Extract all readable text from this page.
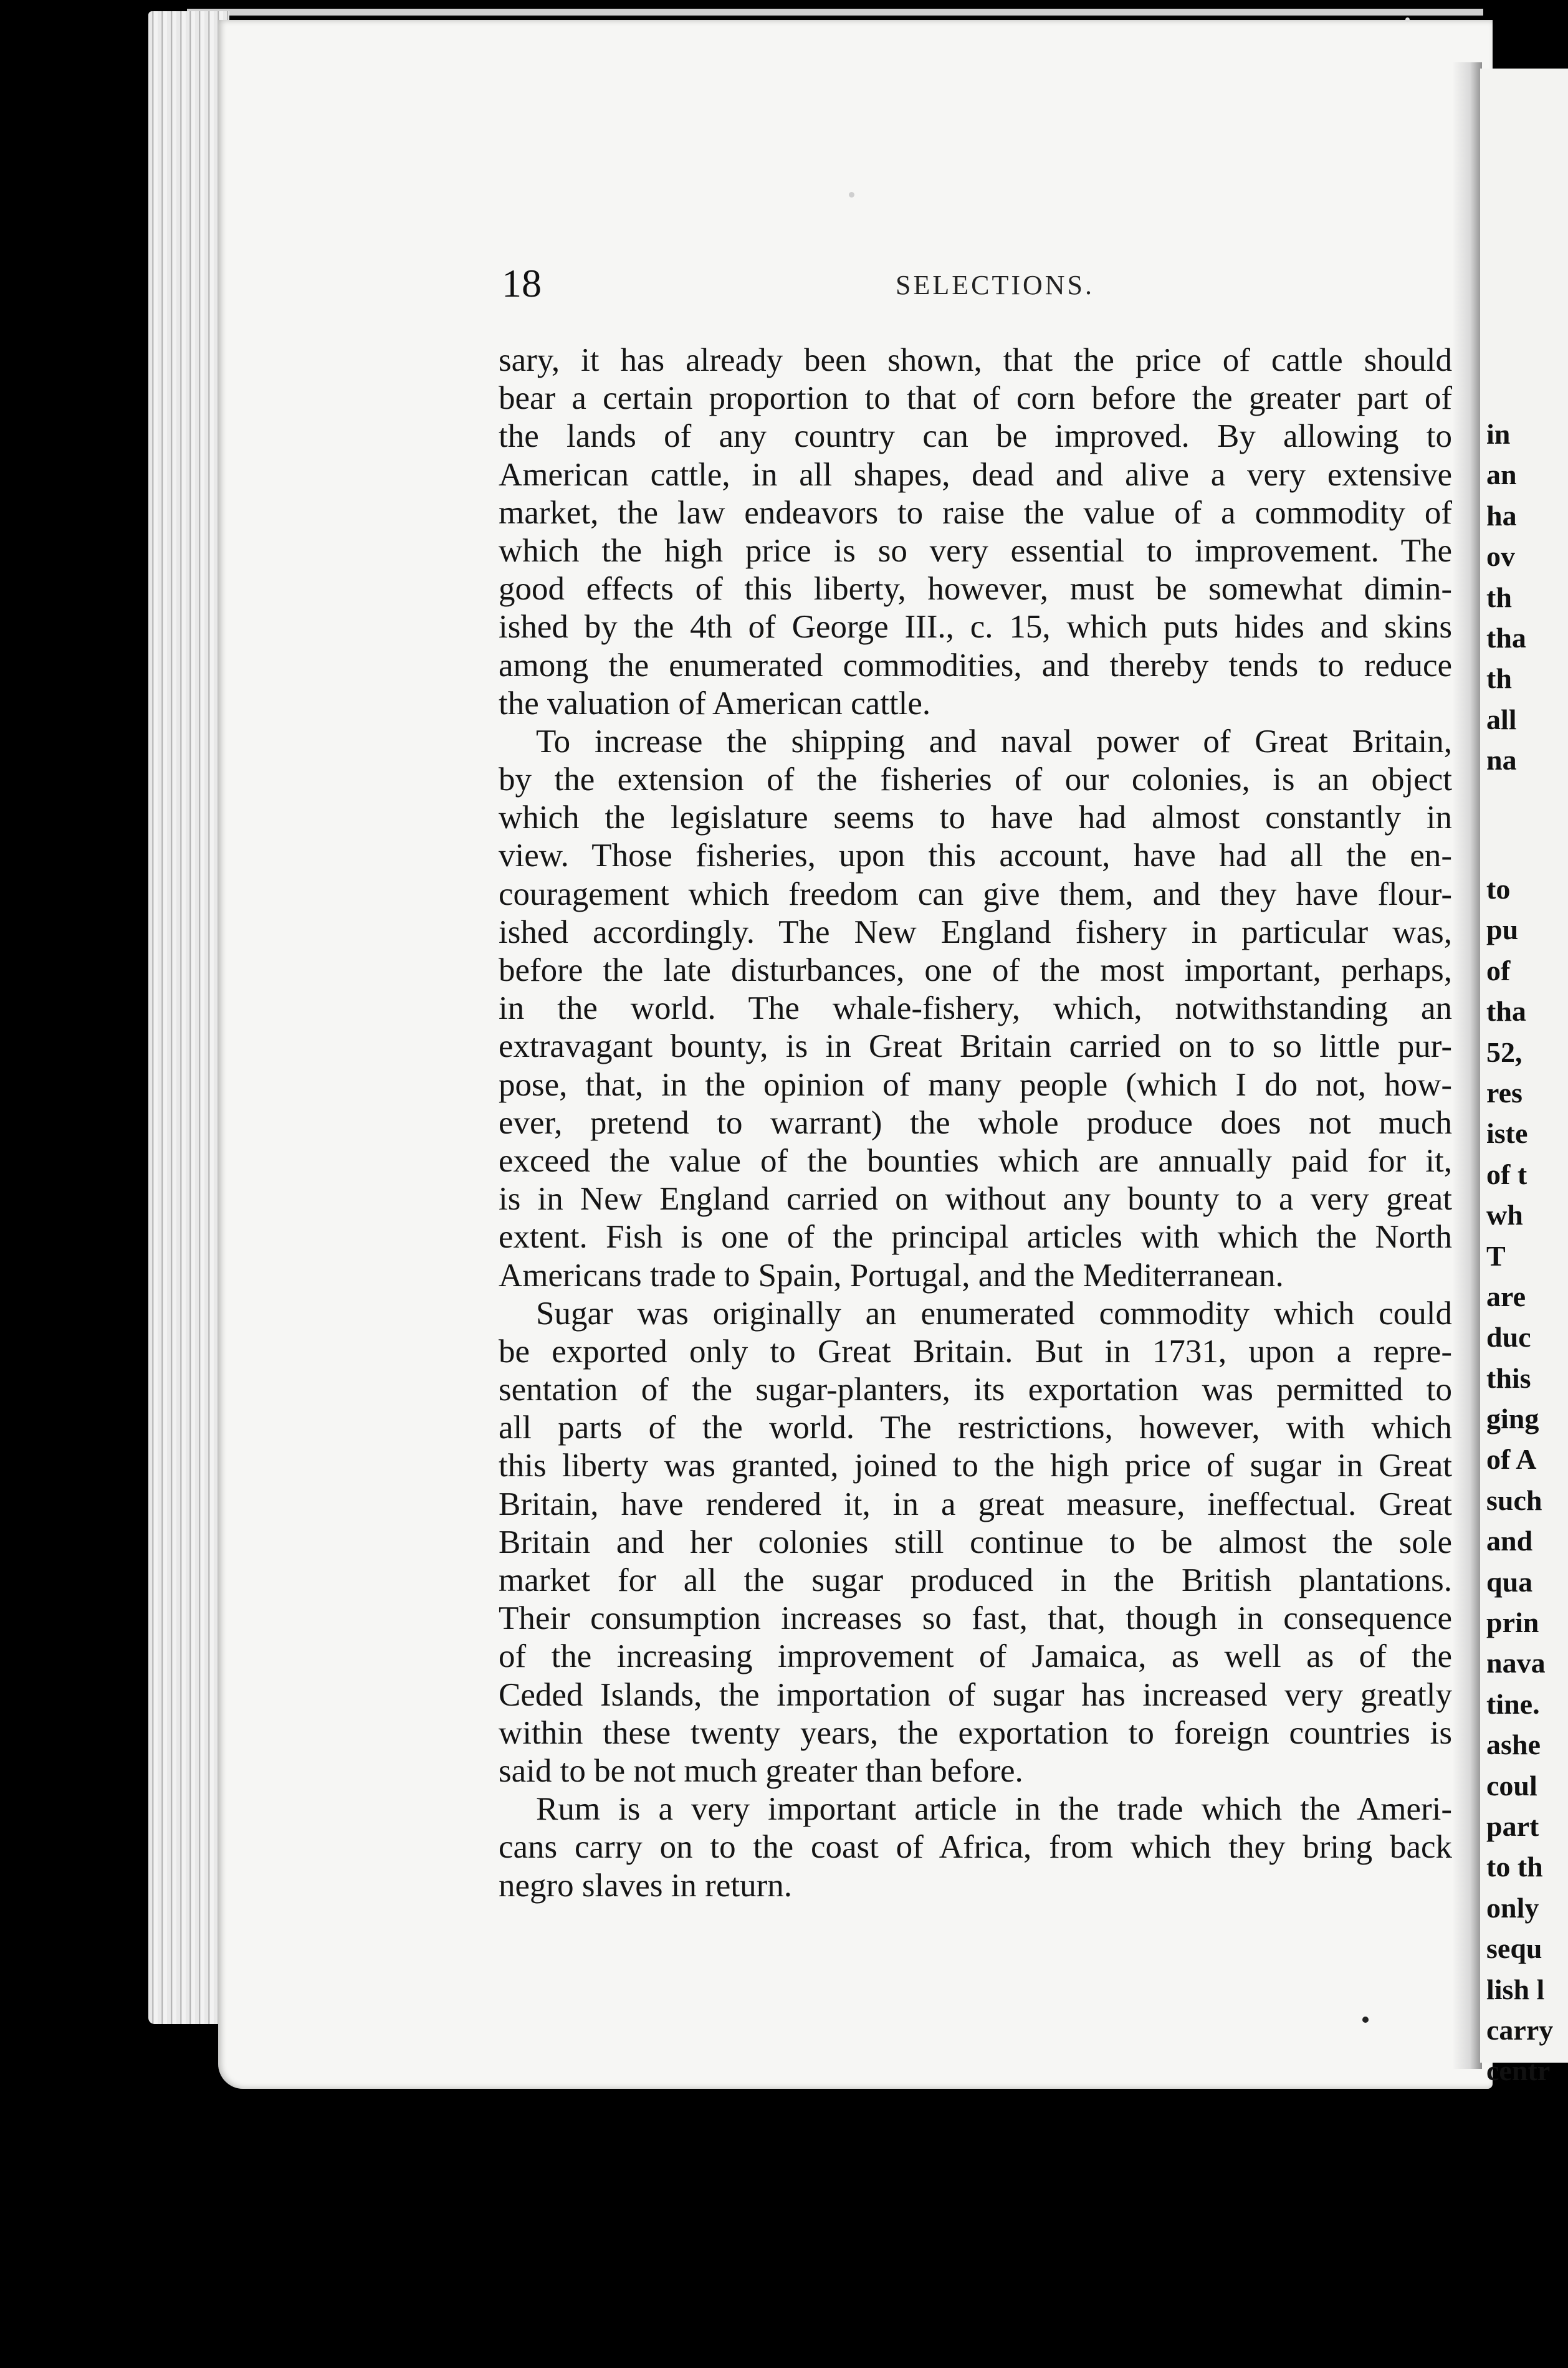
in
an
ha
ov
th
tha
th
all
na
to
pu
of
tha
52,
res
iste
of t
wh
T
are
duc
this
ging
of A
such
and
qua
prin
nava
tine.
ashe
coul
part
to th
only
sequ
lish l
carry
centr
18	SELECTIONS.
sary, it has already been shown, that the price of cattle should
bear a certain proportion to that of corn before the greater part of
the lands of any country can be improved. By allowing to
American cattle, in all shapes, dead and alive a very extensive
market, the law endeavors to raise the value of a commodity of
which the high price is so very essential to improvement. The
good effects of this liberty, however, must be somewhat dimin-
ished by the 4th of George III., c. 15, which puts hides and skins
among the enumerated commodities, and thereby tends to reduce
the valuation of American cattle.
To increase the shipping and naval power of Great Britain,
by the extension of the fisheries of our colonies, is an object
which the legislature seems to have had almost constantly in
view. Those fisheries, upon this account, have had all the en-
couragement which freedom can give them, and they have flour-
ished accordingly. The New England fishery in particular was,
before the late disturbances, one of the most important, perhaps,
in the world. The whale-fishery, which, notwithstanding an
extravagant bounty, is in Great Britain carried on to so little pur-
pose, that, in the opinion of many people (which I do not, how-
ever, pretend to warrant) the whole produce does not much
exceed the value of the bounties which are annually paid for it,
is in New England carried on without any bounty to a very great
extent. Fish is one of the principal articles with which the North
Americans trade to Spain, Portugal, and the Mediterranean.
Sugar was originally an enumerated commodity which could
be exported only to Great Britain. But in 1731, upon a repre-
sentation of the sugar-planters, its exportation was permitted to
all parts of the world. The restrictions, however, with which
this liberty was granted, joined to the high price of sugar in Great
Britain, have rendered it, in a great measure, ineffectual. Great
Britain and her colonies still continue to be almost the sole
market for all the sugar produced in the British plantations.
Their consumption increases so fast, that, though in consequence
of the increasing improvement of Jamaica, as well as of the
Ceded Islands, the importation of sugar has increased very greatly
within these twenty years, the exportation to foreign countries is
said to be not much greater than before.
Rum is a very important article in the trade which the Ameri-
cans carry on to the coast of Africa, from which they bring back
negro slaves in return.
